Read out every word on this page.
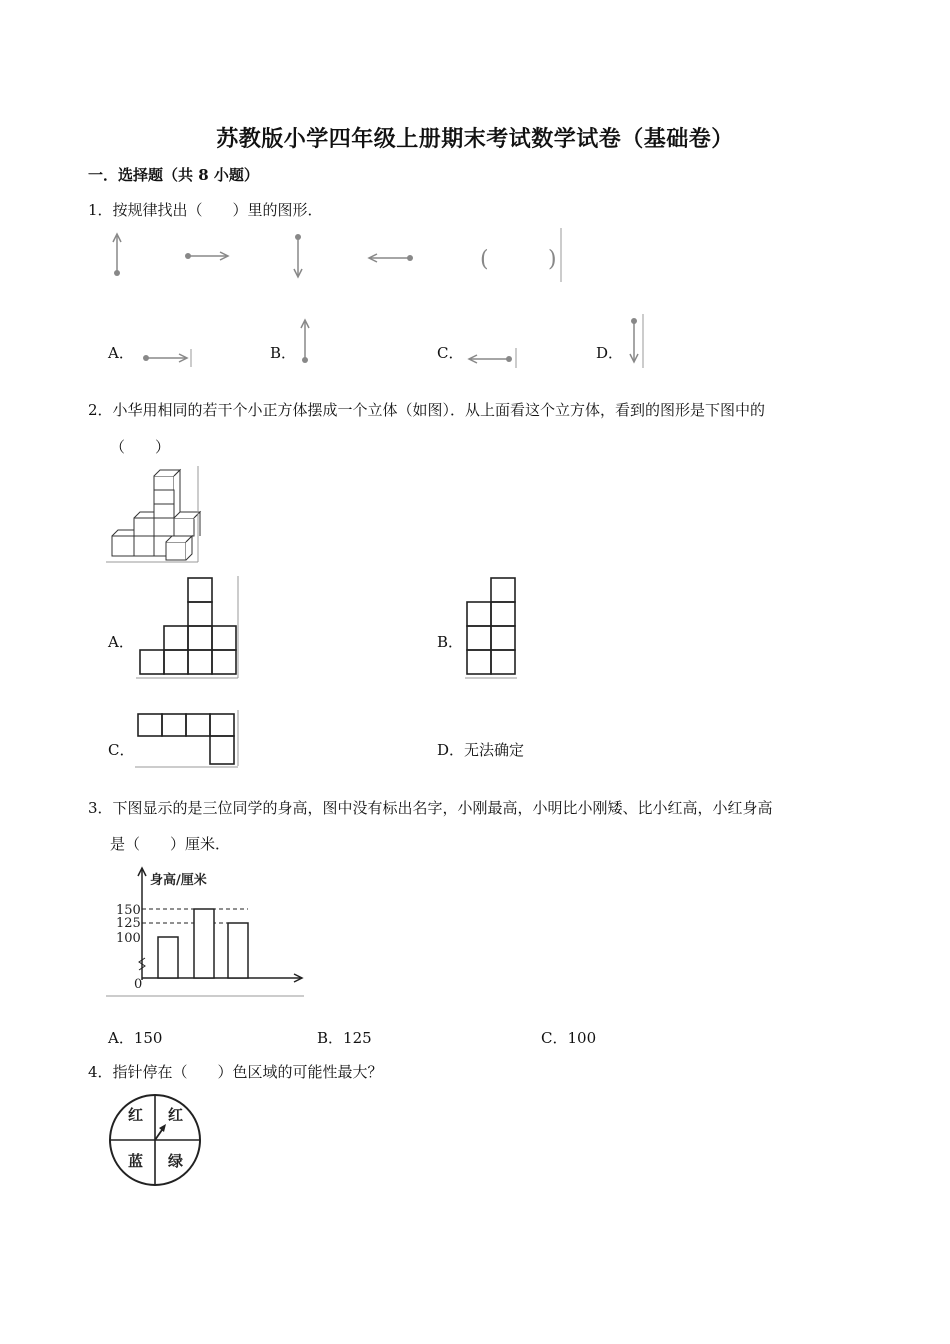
苏教版小学四年级上册期末考试数学试卷（基础卷）
一．选择题（共 8 小题）
1．按规律找出（　　）里的图形．
(	)
A．	B．	C．	D．
2．小华用相同的若干个小正方体摆成一个立体（如图）．从上面看这个立方体，看到的图形是下图中的
（　　）
A．	B．
C．	D．无法确定
3．下图显示的是三位同学的身高，图中没有标出名字，小刚最高，小明比小刚矮、比小红高，小红身高
是（　　）厘米．
身高/厘米
150
125
100
0
A．150	B．125	C．100
4．指针停在（　　）色区域的可能性最大？
红 红
蓝 绿
